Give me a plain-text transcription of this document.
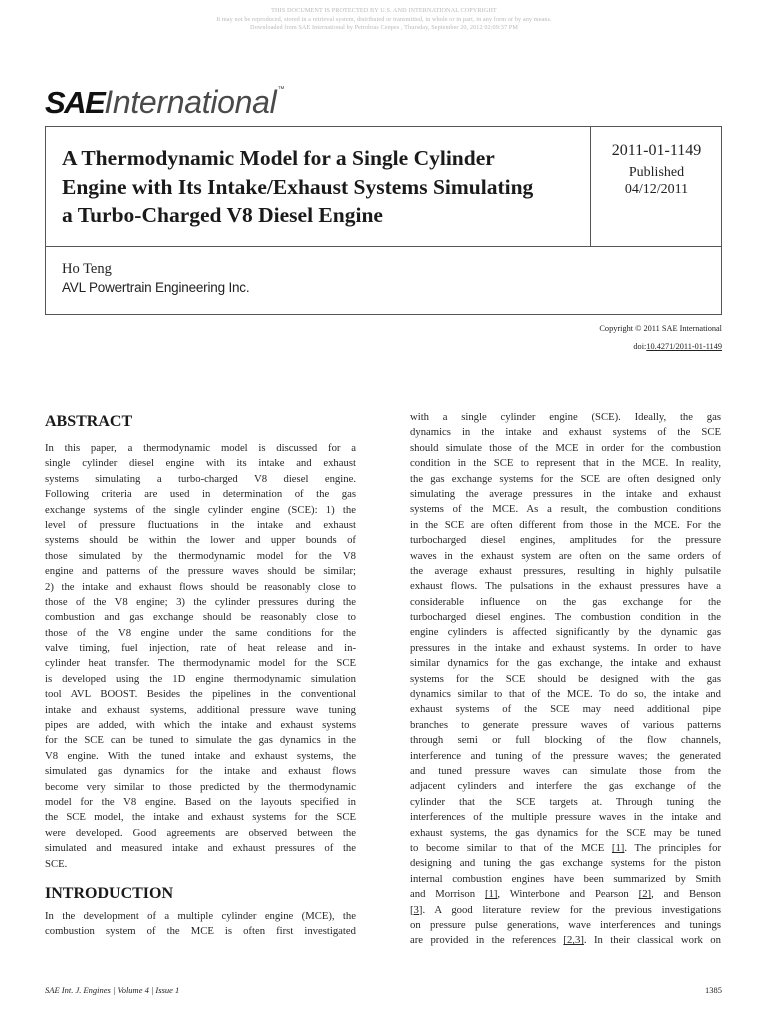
THIS DOCUMENT IS PROTECTED BY U.S. AND INTERNATIONAL COPYRIGHT
It may not be reproduced, stored in a retrieval system, distributed or transmitted, in whole or in part, in any form or by any means.
Downloaded from SAE International by Petrobras Cenpes , Thursday, September 20, 2012 02:09:37 PM
SAE International ™
A Thermodynamic Model for a Single Cylinder
Engine with Its Intake/Exhaust Systems Simulating
a Turbo-Charged V8 Diesel Engine
2011-01-1149
Published
04/12/2011
Ho Teng
AVL Powertrain Engineering Inc.
Copyright © 2011 SAE International
doi:10.4271/2011-01-1149
ABSTRACT
In this paper, a thermodynamic model is discussed for a
single cylinder diesel engine with its intake and exhaust
systems simulating a turbo-charged V8 diesel engine.
Following criteria are used in determination of the gas
exchange systems of the single cylinder engine (SCE): 1) the
level of pressure fluctuations in the intake and exhaust
systems should be within the lower and upper bounds of
those simulated by the thermodynamic model for the V8
engine and patterns of the pressure waves should be similar;
2) the intake and exhaust flows should be reasonably close to
those of the V8 engine; 3) the cylinder pressures during the
combustion and gas exchange should be reasonably close to
those of the V8 engine under the same conditions for the
valve timing, fuel injection, rate of heat release and in-
cylinder heat transfer. The thermodynamic model for the SCE
is developed using the 1D engine thermodynamic simulation
tool AVL BOOST. Besides the pipelines in the conventional
intake and exhaust systems, additional pressure wave tuning
pipes are added, with which the intake and exhaust systems
for the SCE can be tuned to simulate the gas dynamics in the
V8 engine. With the tuned intake and exhaust systems, the
simulated gas dynamics for the intake and exhaust flows
become very similar to those predicted by the thermodynamic
model for the V8 engine. Based on the layouts specified in
the SCE model, the intake and exhaust systems for the SCE
were developed. Good agreements are observed between the
simulated and measured intake and exhaust pressures of the
SCE.
INTRODUCTION
In the development of a multiple cylinder engine (MCE), the
combustion system of the MCE is often first investigated
with a single cylinder engine (SCE). Ideally, the gas
dynamics in the intake and exhaust systems of the SCE
should simulate those of the MCE in order for the combustion
condition in the SCE to represent that in the MCE. In reality,
the gas exchange systems for the SCE are often designed only
simulating the average pressures in the intake and exhaust
systems of the MCE. As a result, the combustion conditions
in the SCE are often different from those in the MCE. For the
turbocharged diesel engines, amplitudes for the pressure
waves in the exhaust system are often on the same orders of
the average exhaust pressures, resulting in highly pulsatile
exhaust flows. The pulsations in the exhaust pressures have a
considerable influence on the gas exchange for the
turbocharged diesel engines. The combustion condition in the
engine cylinders is affected significantly by the dynamic gas
pressures in the intake and exhaust systems. In order to have
similar dynamics for the gas exchange, the intake and exhaust
systems for the SCE should be designed with the gas
dynamics similar to that of the MCE. To do so, the intake and
exhaust systems of the SCE may need additional pipe
branches to generate pressure waves of various patterns
through semi or full blocking of the flow channels,
interference and tuning of the pressure waves; the generated
and tuned pressure waves can simulate those from the
adjacent cylinders and interfere the gas exchange of the
cylinder that the SCE targets at. Through tuning the
interferences of the multiple pressure waves in the intake and
exhaust systems, the gas dynamics for the SCE may be tuned
to become similar to that of the MCE [1]. The principles for
designing and tuning the gas exchange systems for the piston
internal combustion engines have been summarized by Smith
and Morrison [1], Winterbone and Pearson [2], and Benson
[3]. A good literature review for the previous investigations
on pressure pulse generations, wave interferences and tunings
are provided in the references [2,3]. In their classical work on
SAE Int. J. Engines | Volume 4 | Issue 1	1385
